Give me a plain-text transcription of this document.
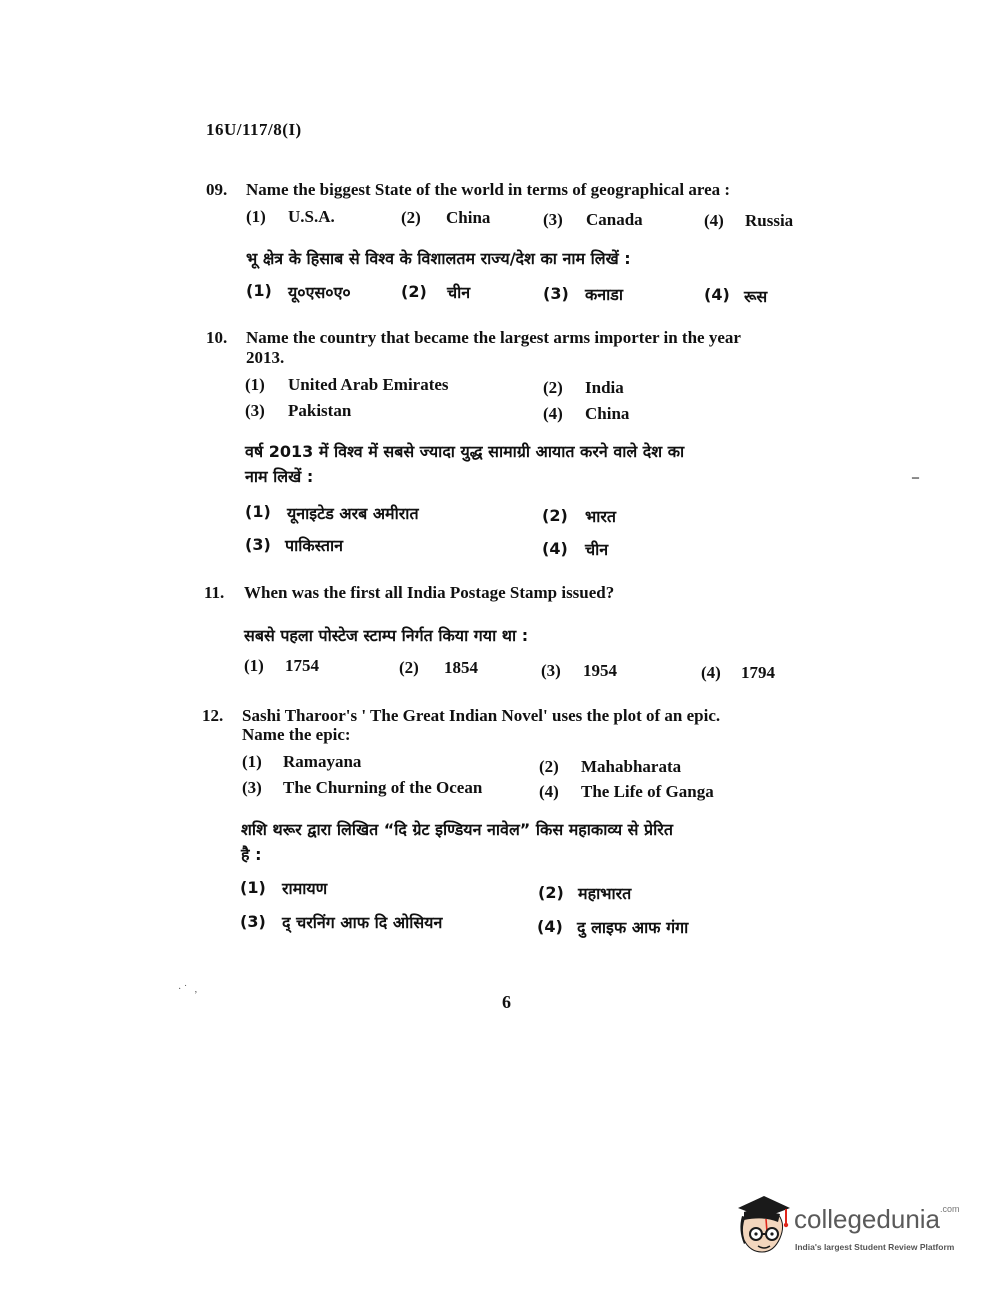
16U/117/8(I)
09. Name the biggest State of the world in terms of geographical area :
(1) U.S.A.	(2) China	(3) Canada	(4) Russia
भू क्षेत्र के हिसाब से विश्व के विशालतम राज्य/देश का नाम लिखें :
(1) यू०एस०ए०	(2) चीन	(3) कनाडा	(4) रूस
10. Name the country that became the largest arms importer in the year
2013.
(1) United Arab Emirates	(2) India
(3) Pakistan	(4) China
वर्ष 2013 में विश्व में सबसे ज्यादा युद्ध सामाग्री आयात करने वाले देश का
नाम लिखें :
(1) यूनाइटेड अरब अमीरात	(2) भारत
(3) पाकिस्तान	(4) चीन
11. When was the first all India Postage Stamp issued?
सबसे पहला पोस्टेज स्टाम्प निर्गत किया गया था :
(1) 1754	(2) 1854	(3) 1954	(4) 1794
12. Sashi Tharoor's ' The Great Indian Novel' uses the plot of an epic.
Name the epic:
(1) Ramayana	(2) Mahabharata
(3) The Churning of the Ocean	(4) The Life of Ganga
शशि थरूर द्वारा लिखित “दि ग्रेट इण्डियन नावेल” किस महाकाव्य से प्रेरित
है :
(1) रामायण	(2) महाभारत
(3) द् चरनिंग आफ दि ओसियन	(4) दु लाइफ आफ गंगा
–
· ˙   ,
6
collegedunia$^{.com}$
India's largest Student Review Platform
